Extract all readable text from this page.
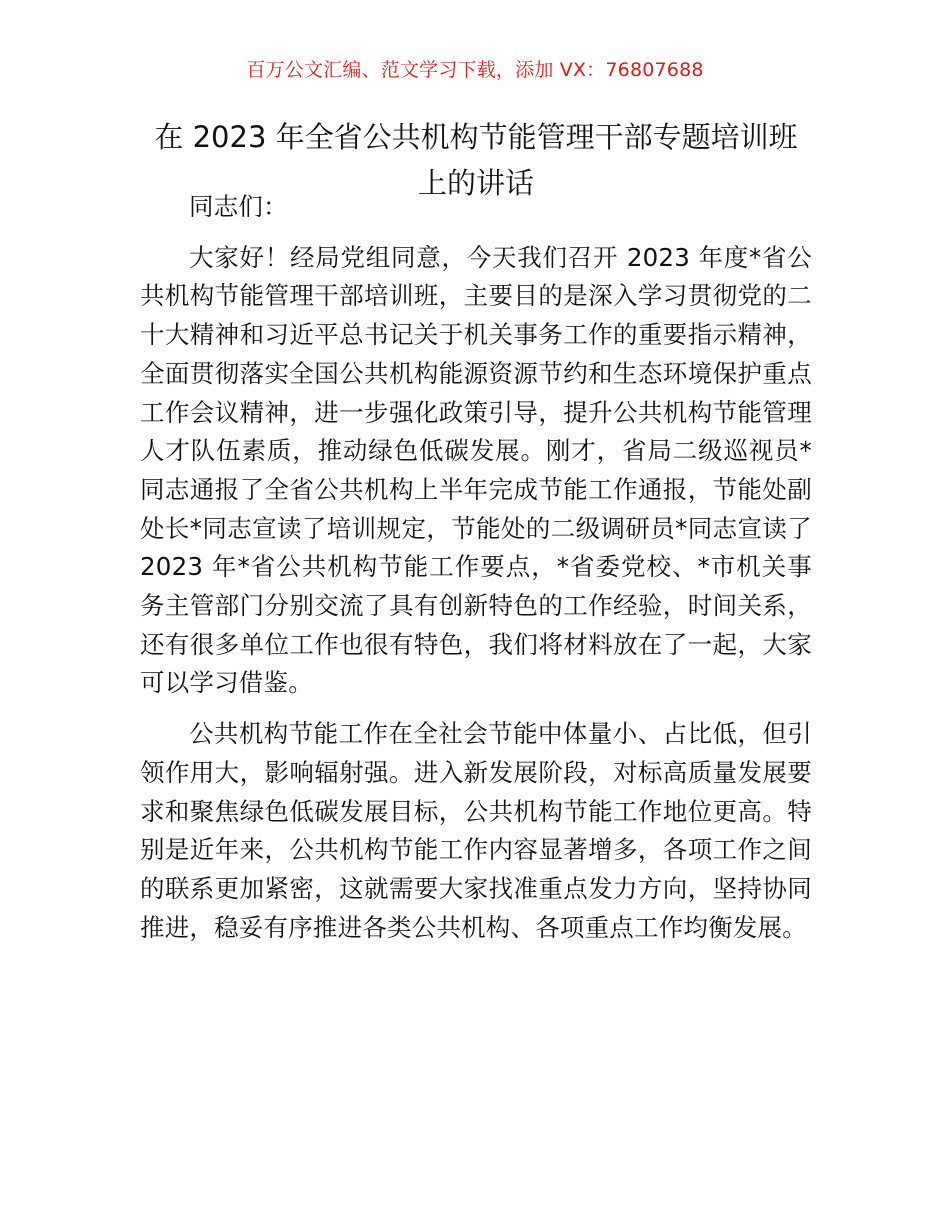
百万公文汇编、范文学习下载，添加 VX：76807688
在 2023 年全省公共机构节能管理干部专题培训班上的讲话

同志们：

大家好！经局党组同意，今天我们召开 2023 年度*省公共机构节能管理干部培训班，主要目的是深入学习贯彻党的二十大精神和习近平总书记关于机关事务工作的重要指示精神，全面贯彻落实全国公共机构能源资源节约和生态环境保护重点工作会议精神，进一步强化政策引导，提升公共机构节能管理人才队伍素质，推动绿色低碳发展。刚才，省局二级巡视员*同志通报了全省公共机构上半年完成节能工作通报，节能处副处长*同志宣读了培训规定，节能处的二级调研员*同志宣读了 2023 年*省公共机构节能工作要点，*省委党校、*市机关事务主管部门分别交流了具有创新特色的工作经验，时间关系，还有很多单位工作也很有特色，我们将材料放在了一起，大家可以学习借鉴。

公共机构节能工作在全社会节能中体量小、占比低，但引领作用大，影响辐射强。进入新发展阶段，对标高质量发展要求和聚焦绿色低碳发展目标，公共机构节能工作地位更高。特别是近年来，公共机构节能工作内容显著增多，各项工作之间的联系更加紧密，这就需要大家找准重点发力方向，坚持协同推进，稳妥有序推进各类公共机构、各项重点工作均衡发展。
